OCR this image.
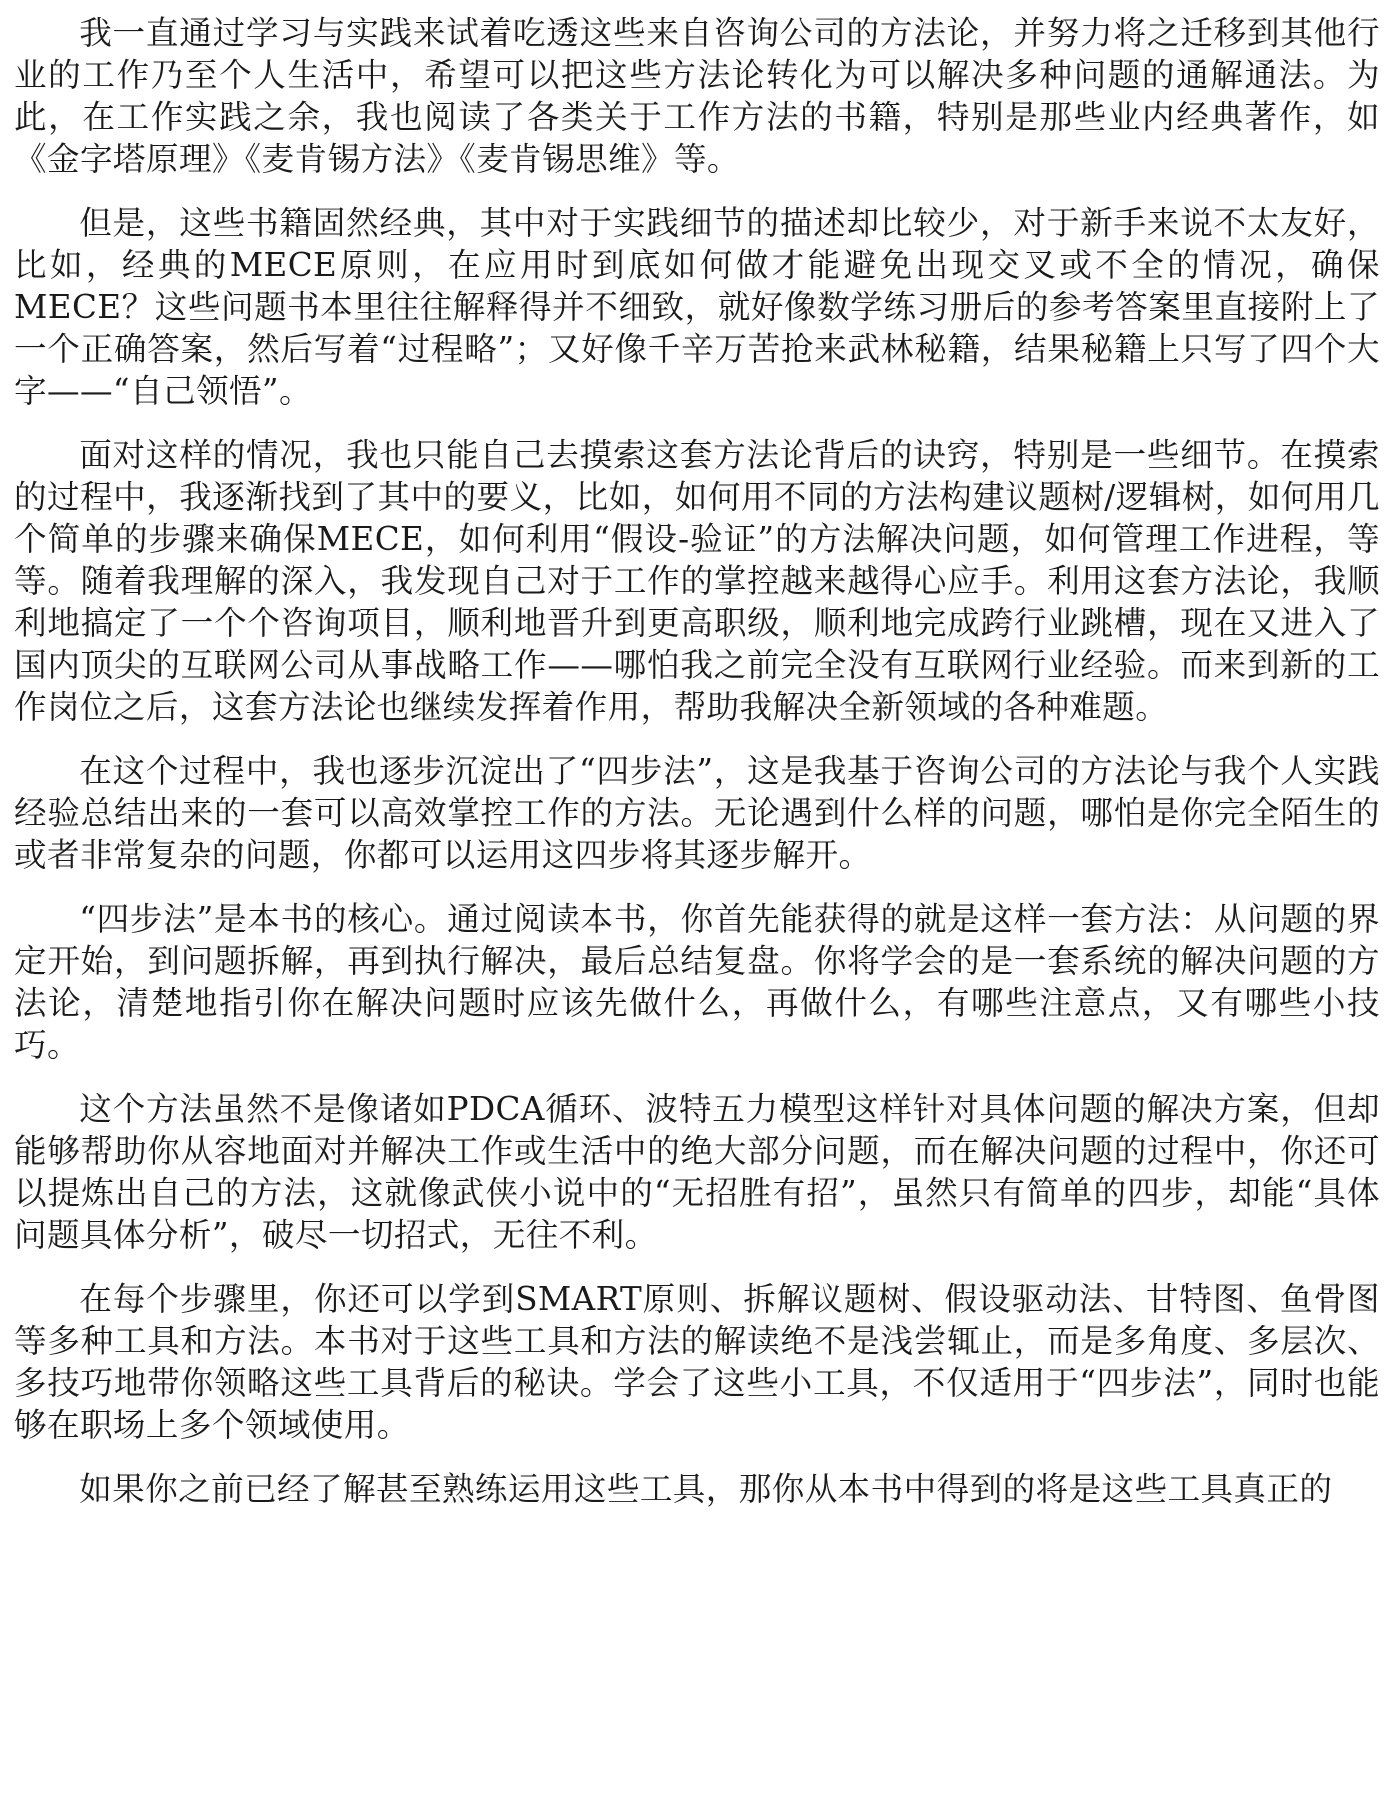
我一直通过学习与实践来试着吃透这些来自咨询公司的方法论，并努力将之迁移到其他行业的工作乃至个人生活中，希望可以把这些方法论转化为可以解决多种问题的通解通法。为此，在工作实践之余，我也阅读了各类关于工作方法的书籍，特别是那些业内经典著作，如《金字塔原理》《麦肯锡方法》《麦肯锡思维》等。

但是，这些书籍固然经典，其中对于实践细节的描述却比较少，对于新手来说不太友好，比如，经典的MECE原则，在应用时到底如何做才能避免出现交叉或不全的情况，确保MECE？这些问题书本里往往解释得并不细致，就好像数学练习册后的参考答案里直接附上了一个正确答案，然后写着“过程略”；又好像千辛万苦抢来武林秘籍，结果秘籍上只写了四个大字——“自己领悟”。

面对这样的情况，我也只能自己去摸索这套方法论背后的诀窍，特别是一些细节。在摸索的过程中，我逐渐找到了其中的要义，比如，如何用不同的方法构建议题树/逻辑树，如何用几个简单的步骤来确保MECE，如何利用“假设-验证”的方法解决问题，如何管理工作进程，等等。随着我理解的深入，我发现自己对于工作的掌控越来越得心应手。利用这套方法论，我顺利地搞定了一个个咨询项目，顺利地晋升到更高职级，顺利地完成跨行业跳槽，现在又进入了国内顶尖的互联网公司从事战略工作——哪怕我之前完全没有互联网行业经验。而来到新的工作岗位之后，这套方法论也继续发挥着作用，帮助我解决全新领域的各种难题。

在这个过程中，我也逐步沉淀出了“四步法”，这是我基于咨询公司的方法论与我个人实践经验总结出来的一套可以高效掌控工作的方法。无论遇到什么样的问题，哪怕是你完全陌生的或者非常复杂的问题，你都可以运用这四步将其逐步解开。

“四步法”是本书的核心。通过阅读本书，你首先能获得的就是这样一套方法：从问题的界定开始，到问题拆解，再到执行解决，最后总结复盘。你将学会的是一套系统的解决问题的方法论，清楚地指引你在解决问题时应该先做什么，再做什么，有哪些注意点，又有哪些小技巧。

这个方法虽然不是像诸如PDCA循环、波特五力模型这样针对具体问题的解决方案，但却能够帮助你从容地面对并解决工作或生活中的绝大部分问题，而在解决问题的过程中，你还可以提炼出自己的方法，这就像武侠小说中的“无招胜有招”，虽然只有简单的四步，却能“具体问题具体分析”，破尽一切招式，无往不利。

在每个步骤里，你还可以学到SMART原则、拆解议题树、假设驱动法、甘特图、鱼骨图等多种工具和方法。本书对于这些工具和方法的解读绝不是浅尝辄止，而是多角度、多层次、多技巧地带你领略这些工具背后的秘诀。学会了这些小工具，不仅适用于“四步法”，同时也能够在职场上多个领域使用。

如果你之前已经了解甚至熟练运用这些工具，那你从本书中得到的将是这些工具真正的
